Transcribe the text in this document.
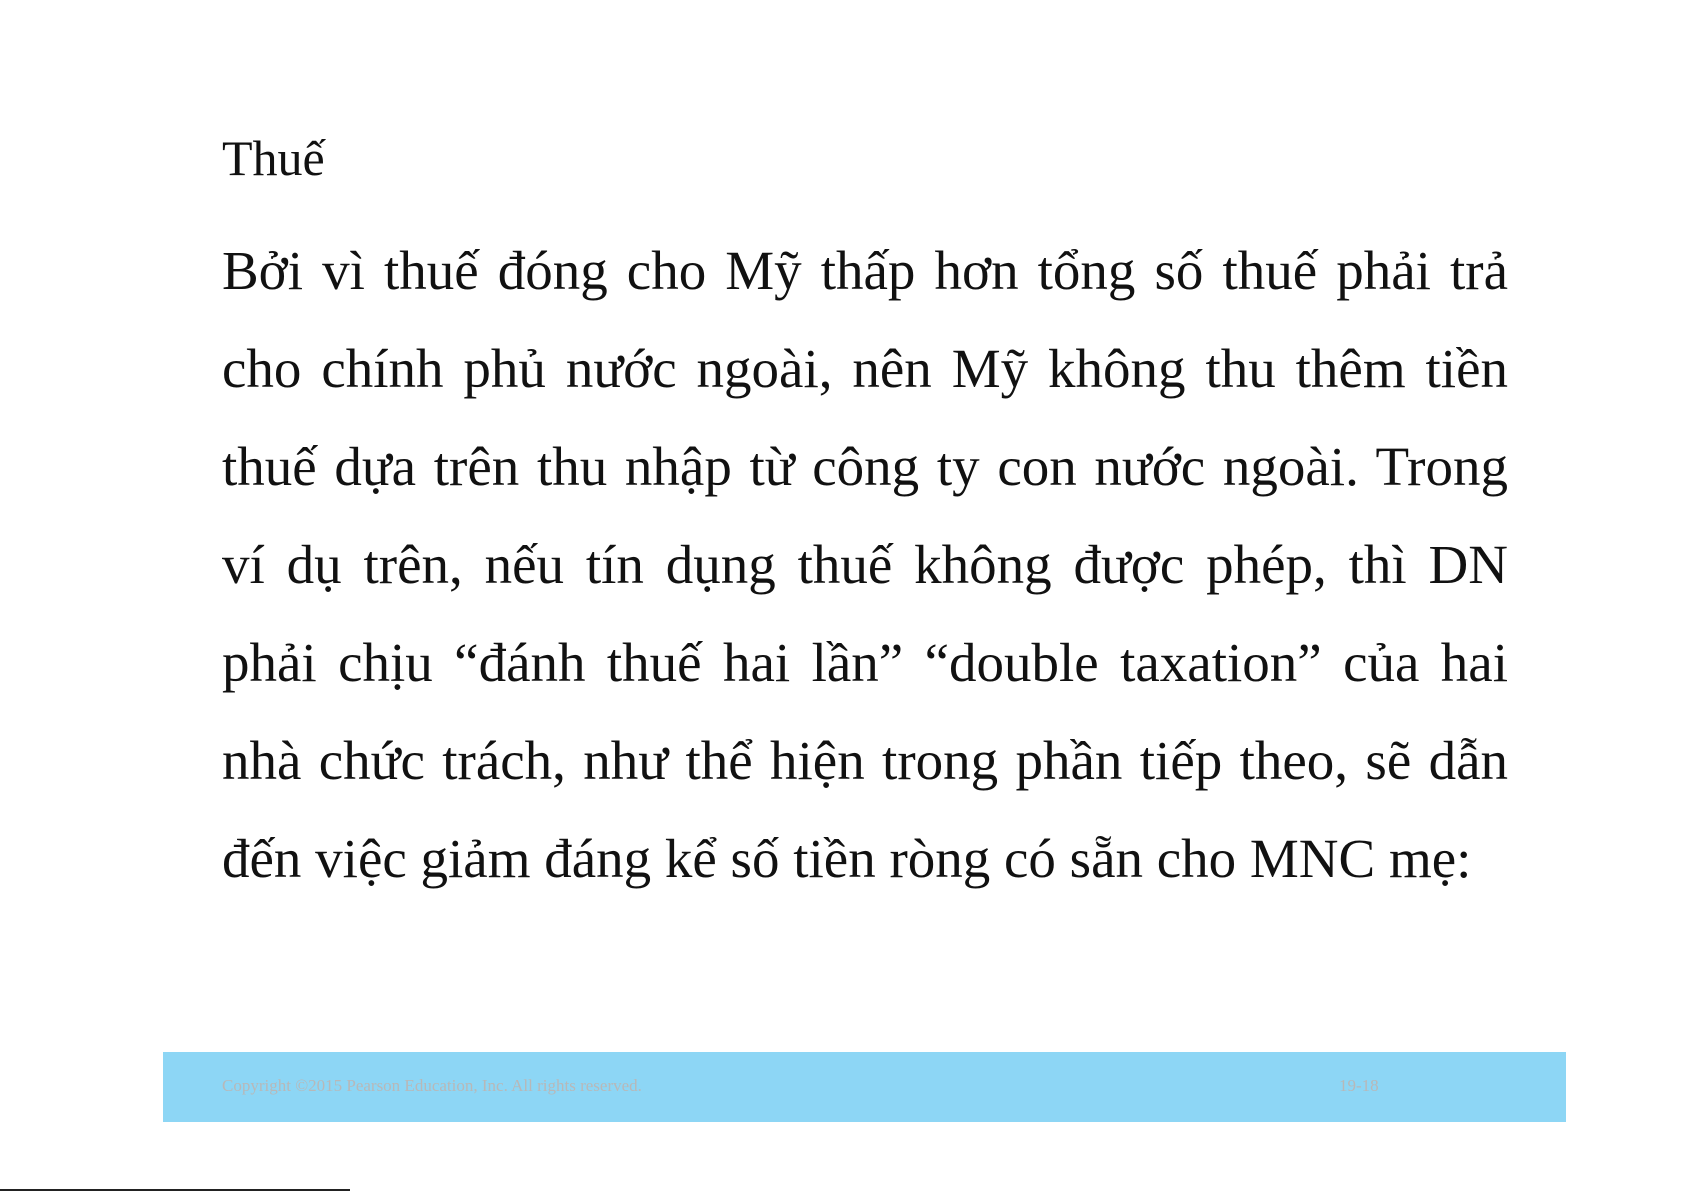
Thuế

Bởi vì thuế đóng cho Mỹ thấp hơn tổng số thuế phải trả cho chính phủ nước ngoài, nên Mỹ không thu thêm tiền thuế dựa trên thu nhập từ công ty con nước ngoài. Trong ví dụ trên, nếu tín dụng thuế không được phép, thì DN phải chịu “đánh thuế hai lần” “double taxation” của hai nhà chức trách, như thể hiện trong phần tiếp theo, sẽ dẫn đến việc giảm đáng kể số tiền ròng có sẵn cho MNC mẹ:

Copyright ©2015 Pearson Education, Inc. All rights reserved.	19-18
